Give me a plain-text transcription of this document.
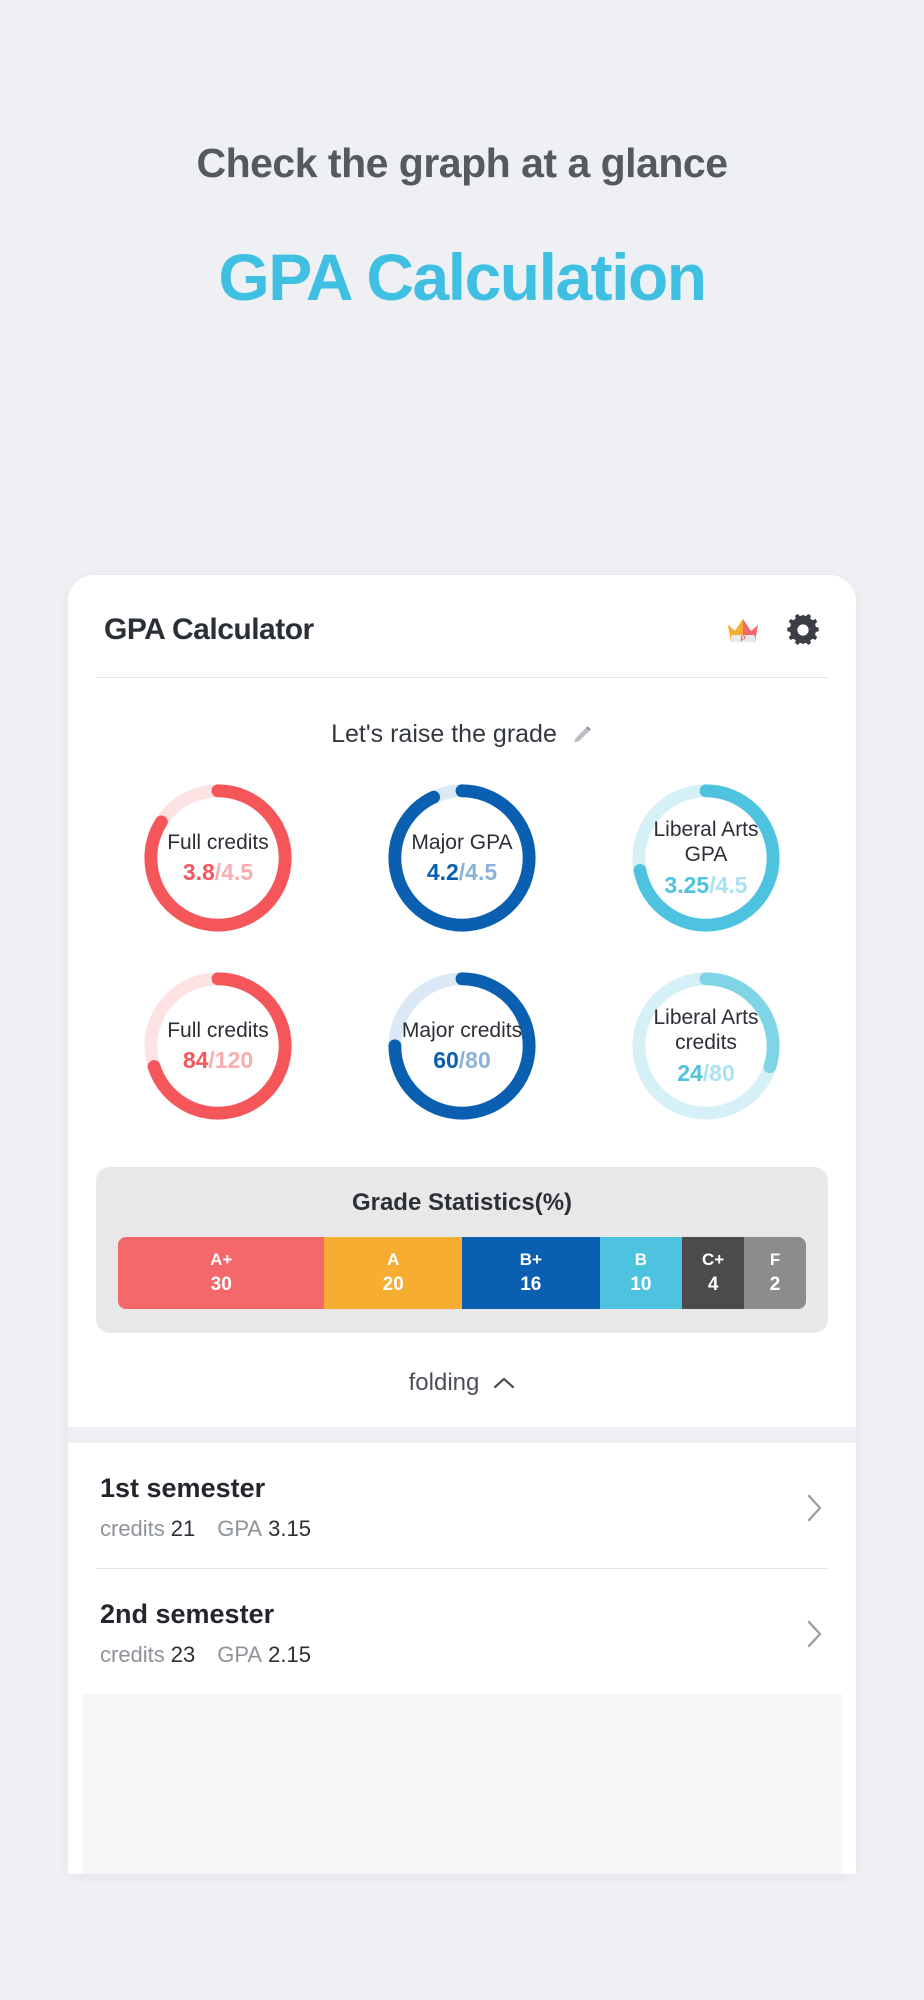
Check the graph at a glance
GPA Calculation
GPA Calculator	P
Let's raise the grade
Full credits
3.8/4.5
Major GPA
4.2/4.5
Liberal Arts GPA
3.25/4.5
Full credits
84/120
Major credits
60/80
Liberal Arts credits
24/80
Grade Statistics(%)
A+
30
A
20
B+
16
B
10
C+
4
F
2
folding
1st semester
credits 21 GPA 3.15
2nd semester
credits 23 GPA 2.15
